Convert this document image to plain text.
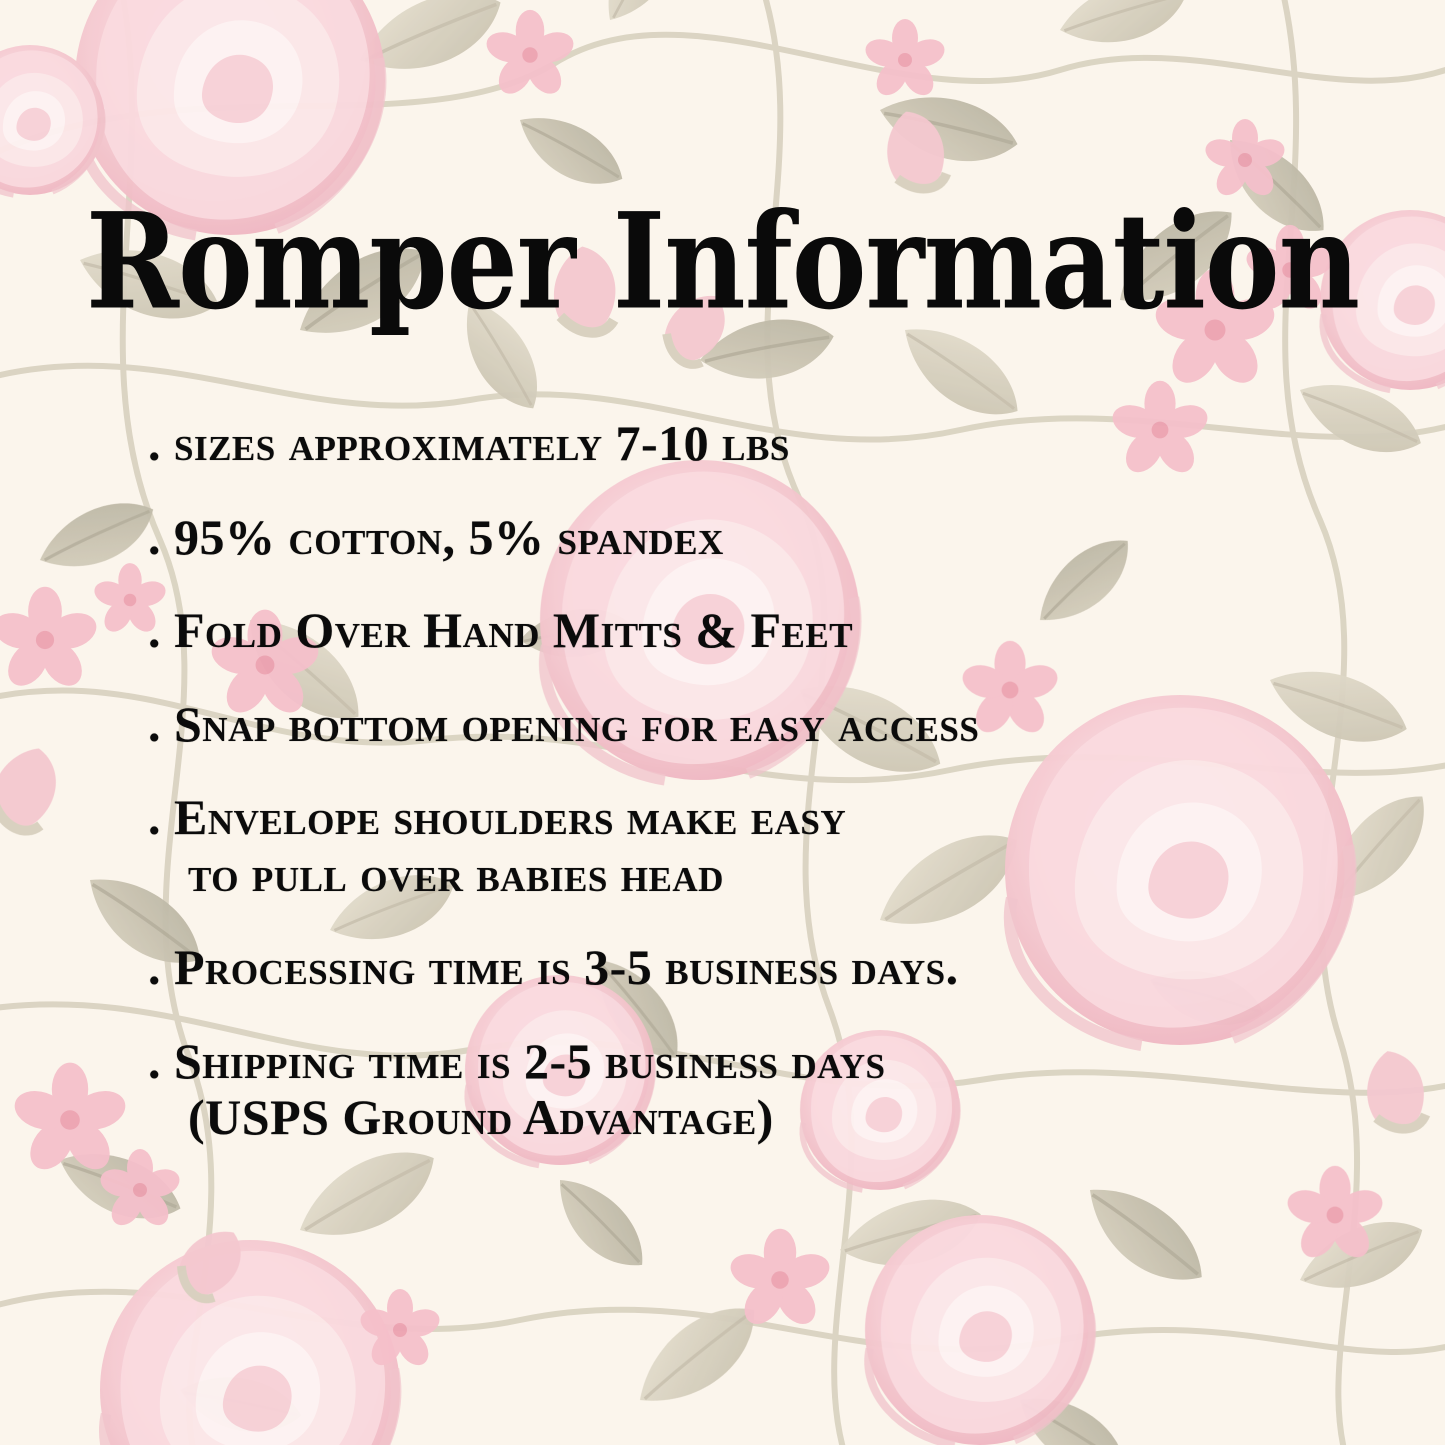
Romper Information
. sizes approximately 7-10 lbs
. 95% cotton, 5% spandex
. Fold Over Hand Mitts & Feet
. Snap bottom opening for easy access
. Envelope shoulders make easy
to pull over babies head
. Processing time is 3-5 business days.
. Shipping time is 2-5 business days
(USPS Ground Advantage)
